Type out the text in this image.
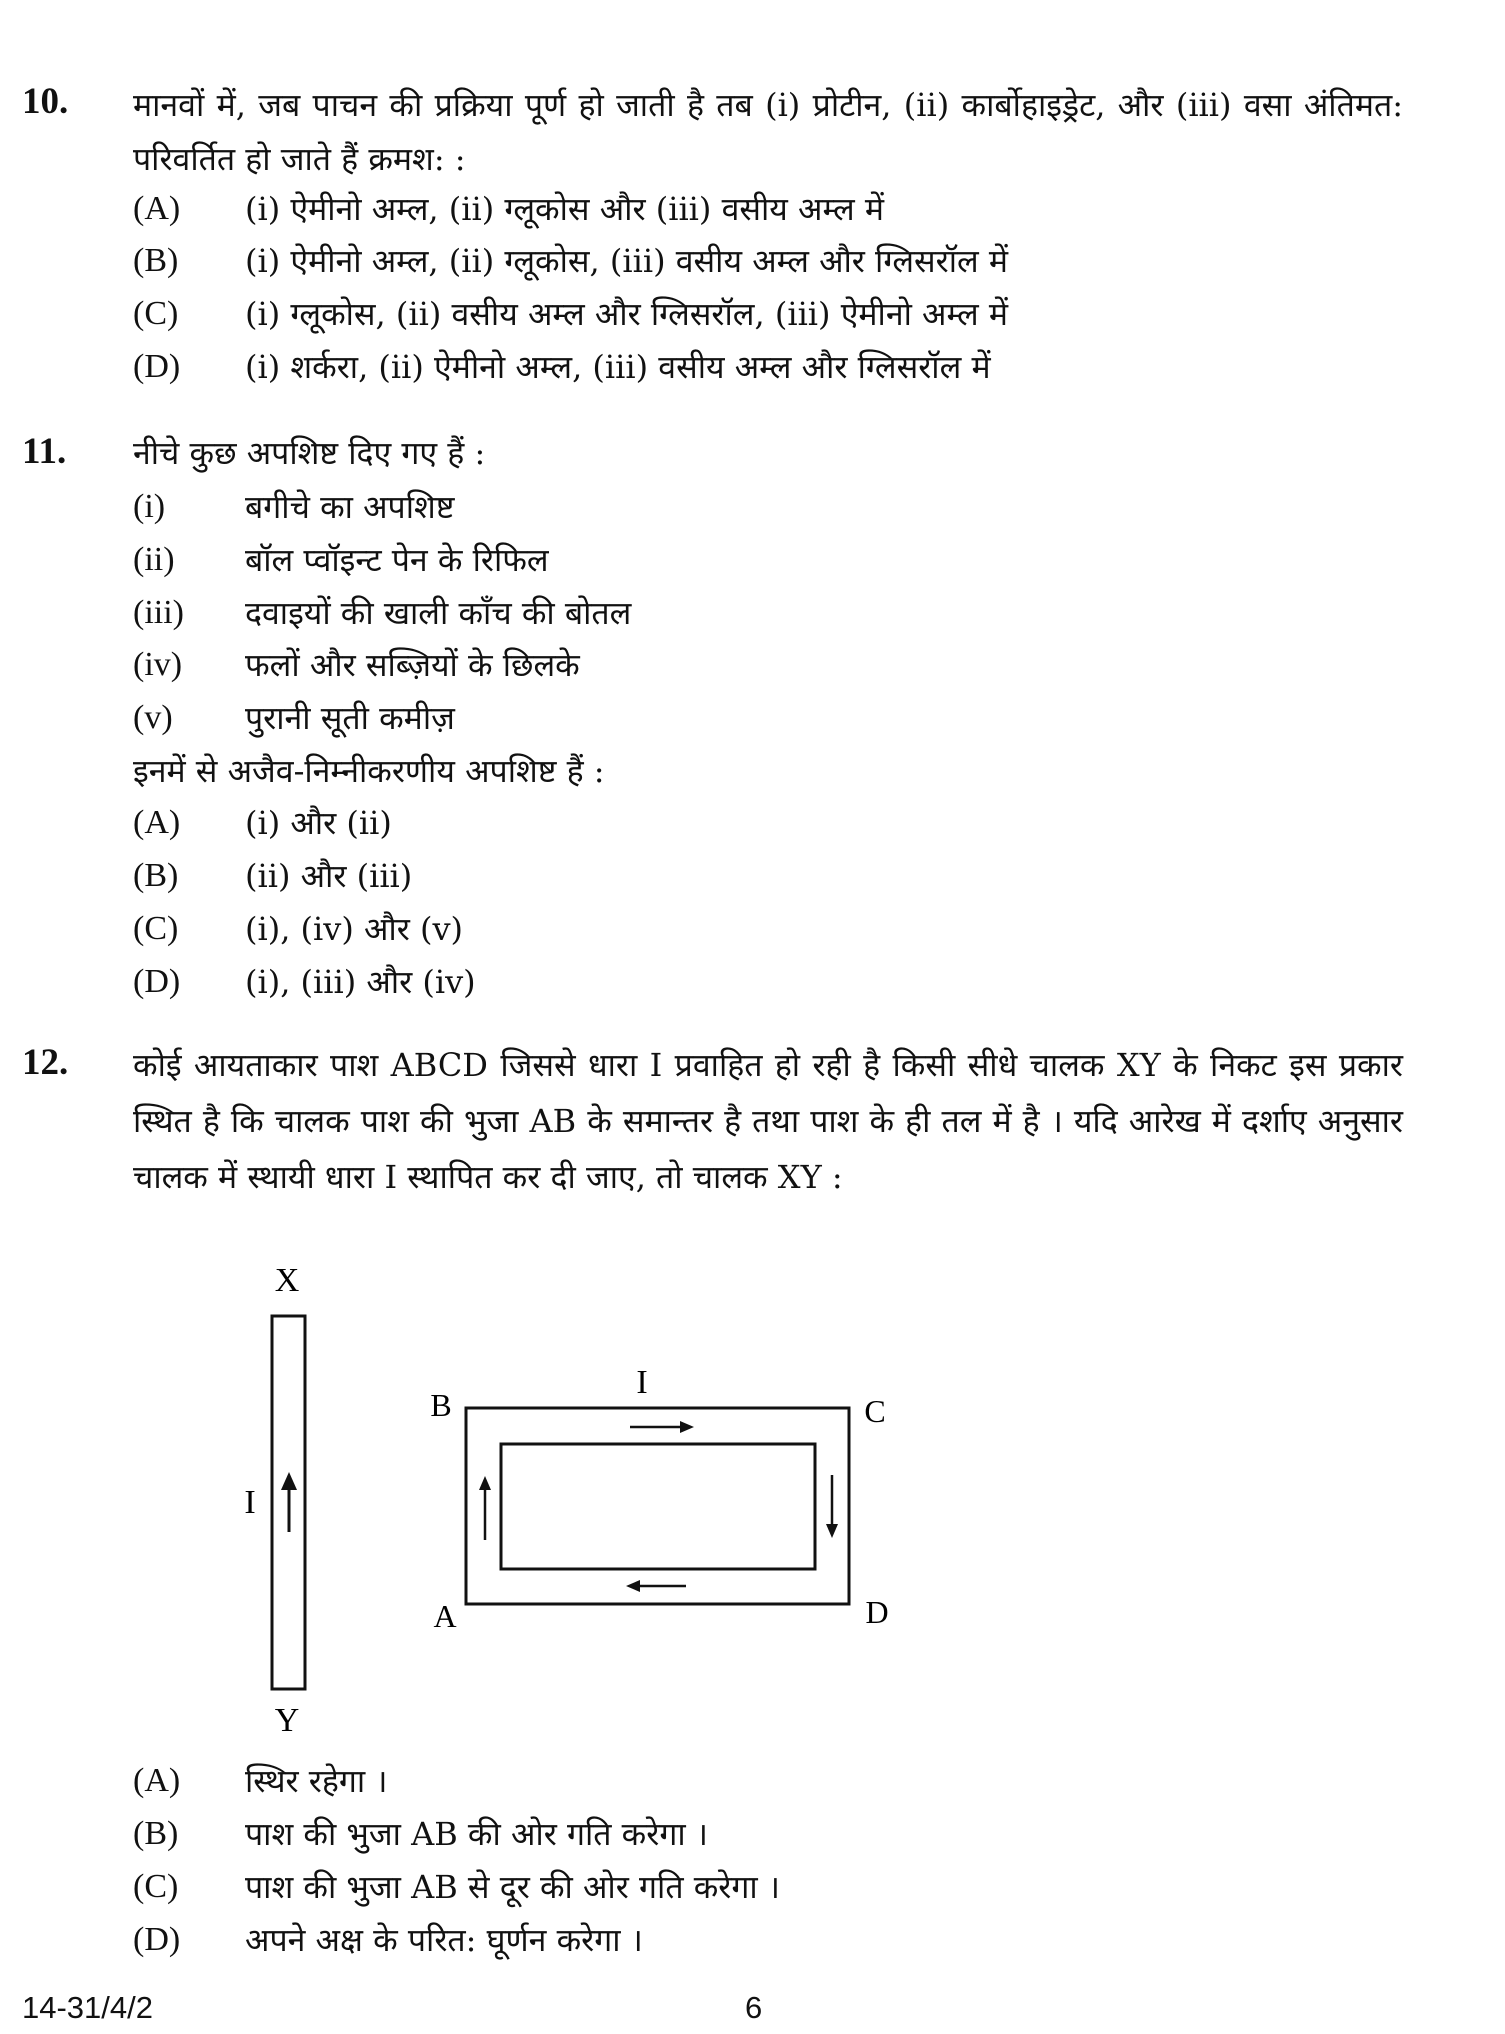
10. मानवों में, जब पाचन की प्रक्रिया पूर्ण हो जाती है तब (i) प्रोटीन, (ii) कार्बोहाइड्रेट, और (iii) वसा अंतिमत: परिवर्तित हो जाते हैं क्रमश: :
(A) (i) ऐमीनो अम्ल, (ii) ग्लूकोस और (iii) वसीय अम्ल में
(B) (i) ऐमीनो अम्ल, (ii) ग्लूकोस, (iii) वसीय अम्ल और ग्लिसरॉल में
(C) (i) ग्लूकोस, (ii) वसीय अम्ल और ग्लिसरॉल, (iii) ऐमीनो अम्ल में
(D) (i) शर्करा, (ii) ऐमीनो अम्ल, (iii) वसीय अम्ल और ग्लिसरॉल में
11. नीचे कुछ अपशिष्ट दिए गए हैं :
(i) बगीचे का अपशिष्ट
(ii) बॉल प्वॉइन्ट पेन के रिफिल
(iii) दवाइयों की खाली काँच की बोतल
(iv) फलों और सब्ज़ियों के छिलके
(v) पुरानी सूती कमीज़
इनमें से अजैव-निम्नीकरणीय अपशिष्ट हैं :
(A) (i) और (ii)
(B) (ii) और (iii)
(C) (i), (iv) और (v)
(D) (i), (iii) और (iv)
12. कोई आयताकार पाश ABCD जिससे धारा I प्रवाहित हो रही है किसी सीधे चालक XY के निकट इस प्रकार स्थित है कि चालक पाश की भुजा AB के समान्तर है तथा पाश के ही तल में है । यदि आरेख में दर्शाए अनुसार चालक में स्थायी धारा I स्थापित कर दी जाए, तो चालक XY :
X
Y
I
B	C
A	D
I
(A) स्थिर रहेगा ।
(B) पाश की भुजा AB की ओर गति करेगा ।
(C) पाश की भुजा AB से दूर की ओर गति करेगा ।
(D) अपने अक्ष के परित: घूर्णन करेगा ।
14-31/4/2	6
